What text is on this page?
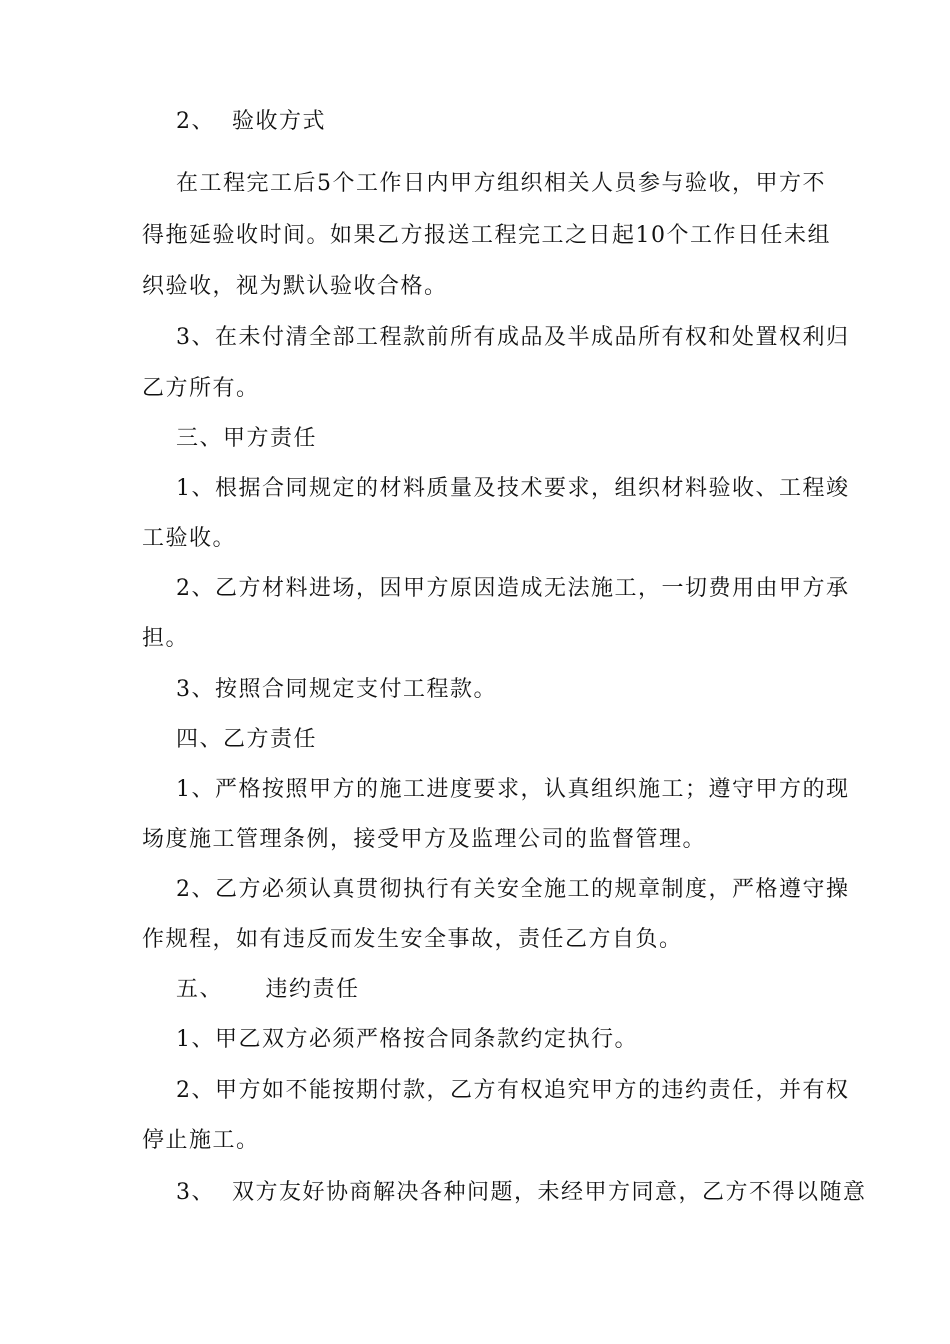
2、  验收方式
在工程完工后5个工作日内甲方组织相关人员参与验收，甲方不
得拖延验收时间。如果乙方报送工程完工之日起10个工作日任未组
织验收，视为默认验收合格。
3、在未付清全部工程款前所有成品及半成品所有权和处置权利归
乙方所有。
三、甲方责任
1、根据合同规定的材料质量及技术要求，组织材料验收、工程竣
工验收。
2、乙方材料进场，因甲方原因造成无法施工，一切费用由甲方承
担。
3、按照合同规定支付工程款。
四、乙方责任
1、严格按照甲方的施工进度要求，认真组织施工；遵守甲方的现
场度施工管理条例，接受甲方及监理公司的监督管理。
2、乙方必须认真贯彻执行有关安全施工的规章制度，严格遵守操
作规程，如有违反而发生安全事故，责任乙方自负。
五、     违约责任
1、甲乙双方必须严格按合同条款约定执行。
2、甲方如不能按期付款，乙方有权追究甲方的违约责任，并有权
停止施工。
3、  双方友好协商解决各种问题，未经甲方同意，乙方不得以随意
